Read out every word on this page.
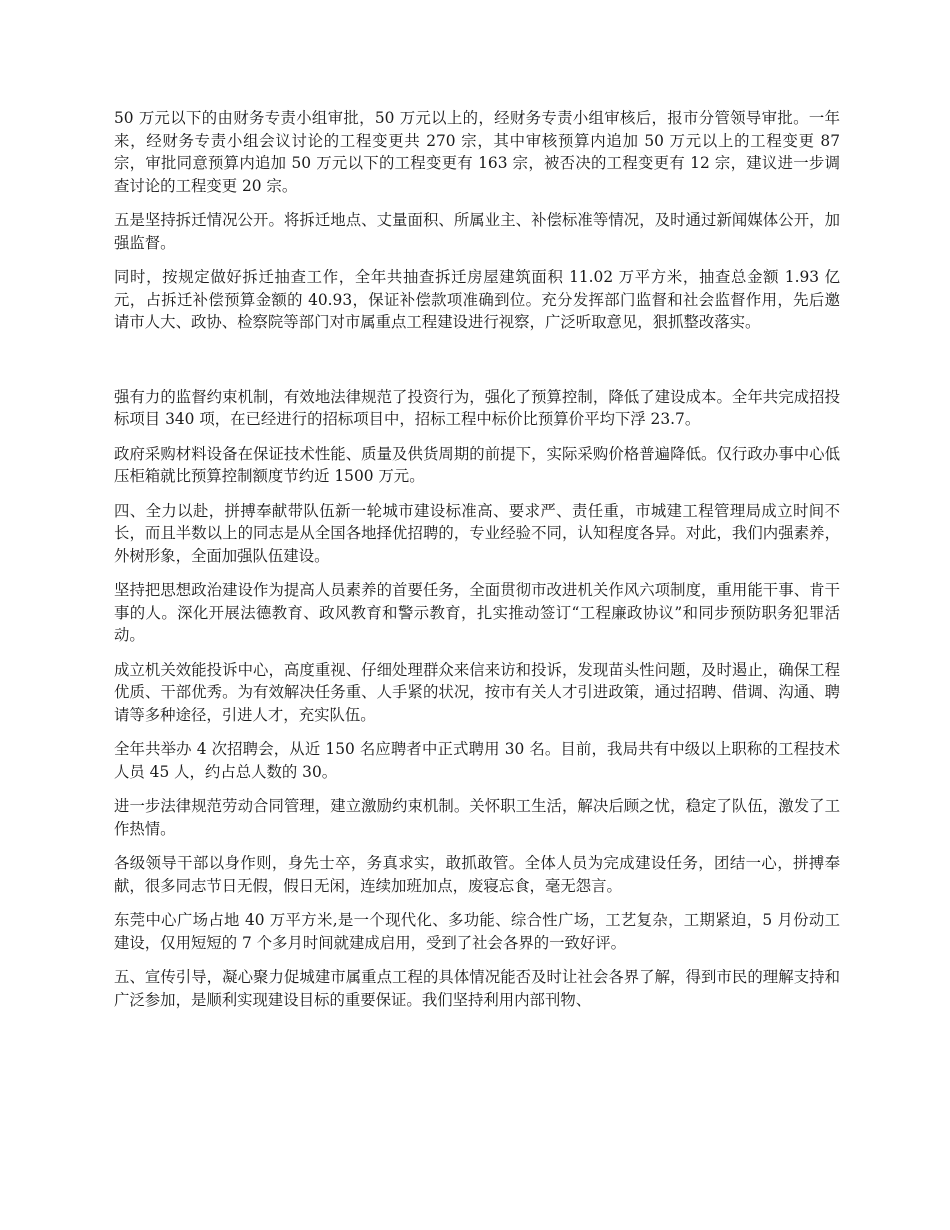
50 万元以下的由财务专责小组审批，50 万元以上的，经财务专责小组审核后，报市分管领导审批。一年来，经财务专责小组会议讨论的工程变更共 270 宗，其中审核预算内追加 50 万元以上的工程变更 87 宗，审批同意预算内追加 50 万元以下的工程变更有 163 宗，被否决的工程变更有 12 宗，建议进一步调查讨论的工程变更 20 宗。

五是坚持拆迁情况公开。将拆迁地点、丈量面积、所属业主、补偿标准等情况，及时通过新闻媒体公开，加强监督。

同时，按规定做好拆迁抽查工作，全年共抽查拆迁房屋建筑面积 11.02 万平方米，抽查总金额 1.93 亿元，占拆迁补偿预算金额的 40.93，保证补偿款项准确到位。充分发挥部门监督和社会监督作用，先后邀请市人大、政协、检察院等部门对市属重点工程建设进行视察，广泛听取意见，狠抓整改落实。

强有力的监督约束机制，有效地法律规范了投资行为，强化了预算控制，降低了建设成本。全年共完成招投标项目 340 项，在已经进行的招标项目中，招标工程中标价比预算价平均下浮 23.7。

政府采购材料设备在保证技术性能、质量及供货周期的前提下，实际采购价格普遍降低。仅行政办事中心低压柜箱就比预算控制额度节约近 1500 万元。

四、全力以赴，拼搏奉献带队伍新一轮城市建设标准高、要求严、责任重，市城建工程管理局成立时间不长，而且半数以上的同志是从全国各地择优招聘的，专业经验不同，认知程度各异。对此，我们内强素养，外树形象，全面加强队伍建设。

坚持把思想政治建设作为提高人员素养的首要任务，全面贯彻市改进机关作风六项制度，重用能干事、肯干事的人。深化开展法德教育、政风教育和警示教育，扎实推动签订“工程廉政协议”和同步预防职务犯罪活动。

成立机关效能投诉中心，高度重视、仔细处理群众来信来访和投诉，发现苗头性问题，及时遏止，确保工程优质、干部优秀。为有效解决任务重、人手紧的状况，按市有关人才引进政策，通过招聘、借调、沟通、聘请等多种途径，引进人才，充实队伍。

全年共举办 4 次招聘会，从近 150 名应聘者中正式聘用 30 名。目前，我局共有中级以上职称的工程技术人员 45 人，约占总人数的 30。

进一步法律规范劳动合同管理，建立激励约束机制。关怀职工生活，解决后顾之忧，稳定了队伍，激发了工作热情。

各级领导干部以身作则，身先士卒，务真求实，敢抓敢管。全体人员为完成建设任务，团结一心，拼搏奉献，很多同志节日无假，假日无闲，连续加班加点，废寝忘食，毫无怨言。

东莞中心广场占地 40 万平方米,是一个现代化、多功能、综合性广场，工艺复杂，工期紧迫，5 月份动工建设，仅用短短的 7 个多月时间就建成启用，受到了社会各界的一致好评。

五、宣传引导，凝心聚力促城建市属重点工程的具体情况能否及时让社会各界了解，得到市民的理解支持和广泛参加，是顺利实现建设目标的重要保证。我们坚持利用内部刊物、
